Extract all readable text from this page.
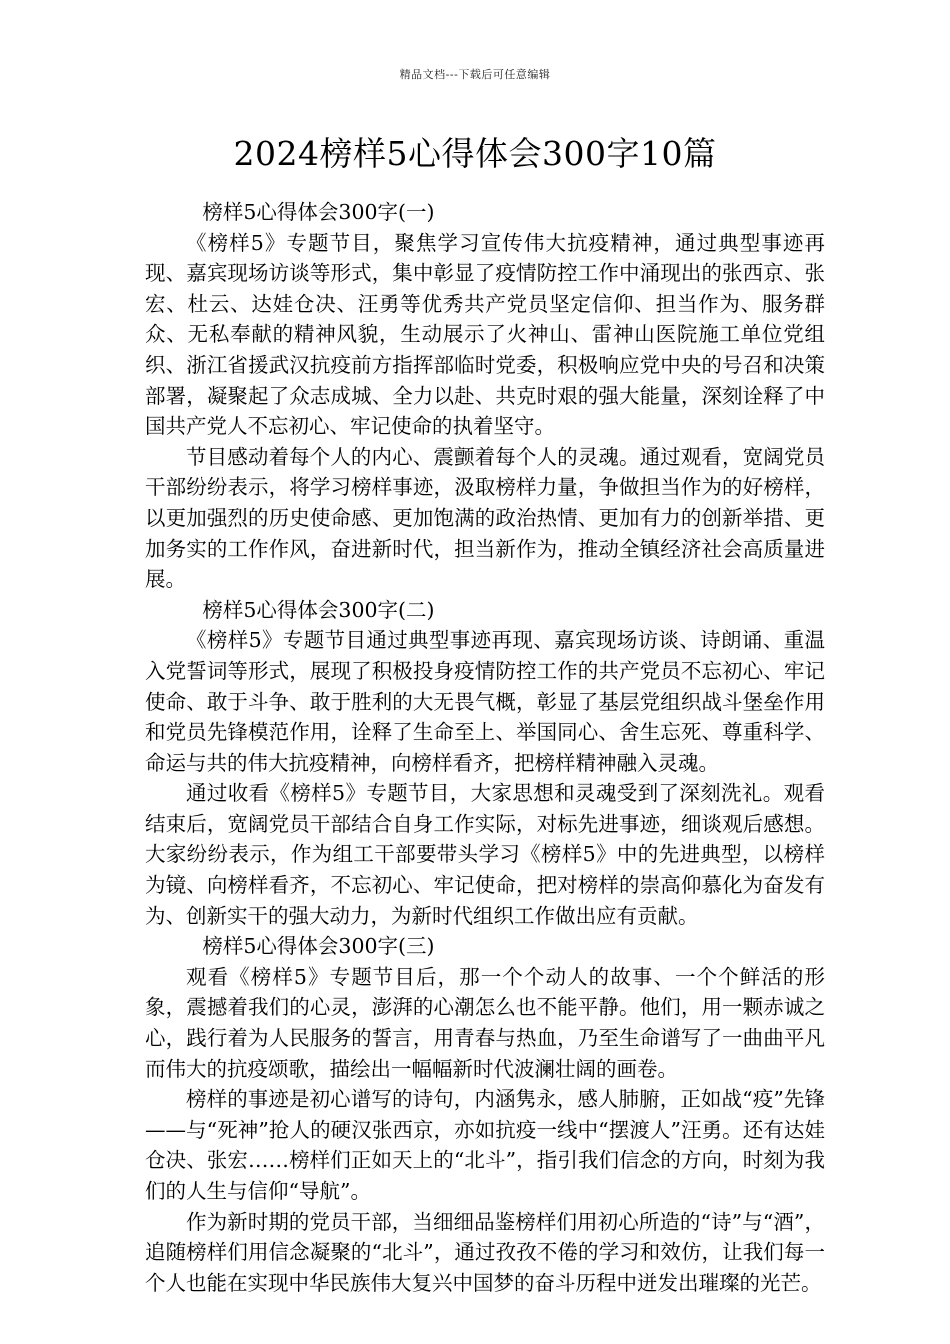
精品文档---下载后可任意编辑
2024榜样5心得体会300字10篇

榜样5心得体会300字(一)

《榜样5》专题节目，聚焦学习宣传伟大抗疫精神，通过典型事迹再现、嘉宾现场访谈等形式，集中彰显了疫情防控工作中涌现出的张西京、张宏、杜云、达娃仓决、汪勇等优秀共产党员坚定信仰、担当作为、服务群众、无私奉献的精神风貌，生动展示了火神山、雷神山医院施工单位党组织、浙江省援武汉抗疫前方指挥部临时党委，积极响应党中央的号召和决策部署，凝聚起了众志成城、全力以赴、共克时艰的强大能量，深刻诠释了中国共产党人不忘初心、牢记使命的执着坚守。

节目感动着每个人的内心、震颤着每个人的灵魂。通过观看，宽阔党员干部纷纷表示，将学习榜样事迹，汲取榜样力量，争做担当作为的好榜样，以更加强烈的历史使命感、更加饱满的政治热情、更加有力的创新举措、更加务实的工作作风，奋进新时代，担当新作为，推动全镇经济社会高质量进展。

榜样5心得体会300字(二)

《榜样5》专题节目通过典型事迹再现、嘉宾现场访谈、诗朗诵、重温入党誓词等形式，展现了积极投身疫情防控工作的共产党员不忘初心、牢记使命、敢于斗争、敢于胜利的大无畏气概，彰显了基层党组织战斗堡垒作用和党员先锋模范作用，诠释了生命至上、举国同心、舍生忘死、尊重科学、命运与共的伟大抗疫精神，向榜样看齐，把榜样精神融入灵魂。

通过收看《榜样5》专题节目，大家思想和灵魂受到了深刻洗礼。观看结束后，宽阔党员干部结合自身工作实际，对标先进事迹，细谈观后感想。大家纷纷表示，作为组工干部要带头学习《榜样5》中的先进典型，以榜样为镜、向榜样看齐，不忘初心、牢记使命，把对榜样的崇高仰慕化为奋发有为、创新实干的强大动力，为新时代组织工作做出应有贡献。

榜样5心得体会300字(三)

观看《榜样5》专题节目后，那一个个动人的故事、一个个鲜活的形象，震撼着我们的心灵，澎湃的心潮怎么也不能平静。他们，用一颗赤诚之心，践行着为人民服务的誓言，用青春与热血，乃至生命谱写了一曲曲平凡而伟大的抗疫颂歌，描绘出一幅幅新时代波澜壮阔的画卷。

榜样的事迹是初心谱写的诗句，内涵隽永，感人肺腑，正如战“疫”先锋——与“死神”抢人的硬汉张西京，亦如抗疫一线中“摆渡人”汪勇。还有达娃仓决、张宏……榜样们正如天上的“北斗”，指引我们信念的方向，时刻为我们的人生与信仰“导航”。

作为新时期的党员干部，当细细品鉴榜样们用初心所造的“诗”与“酒”，追随榜样们用信念凝聚的“北斗”，通过孜孜不倦的学习和效仿，让我们每一个人也能在实现中华民族伟大复兴中国梦的奋斗历程中迸发出璀璨的光芒。
